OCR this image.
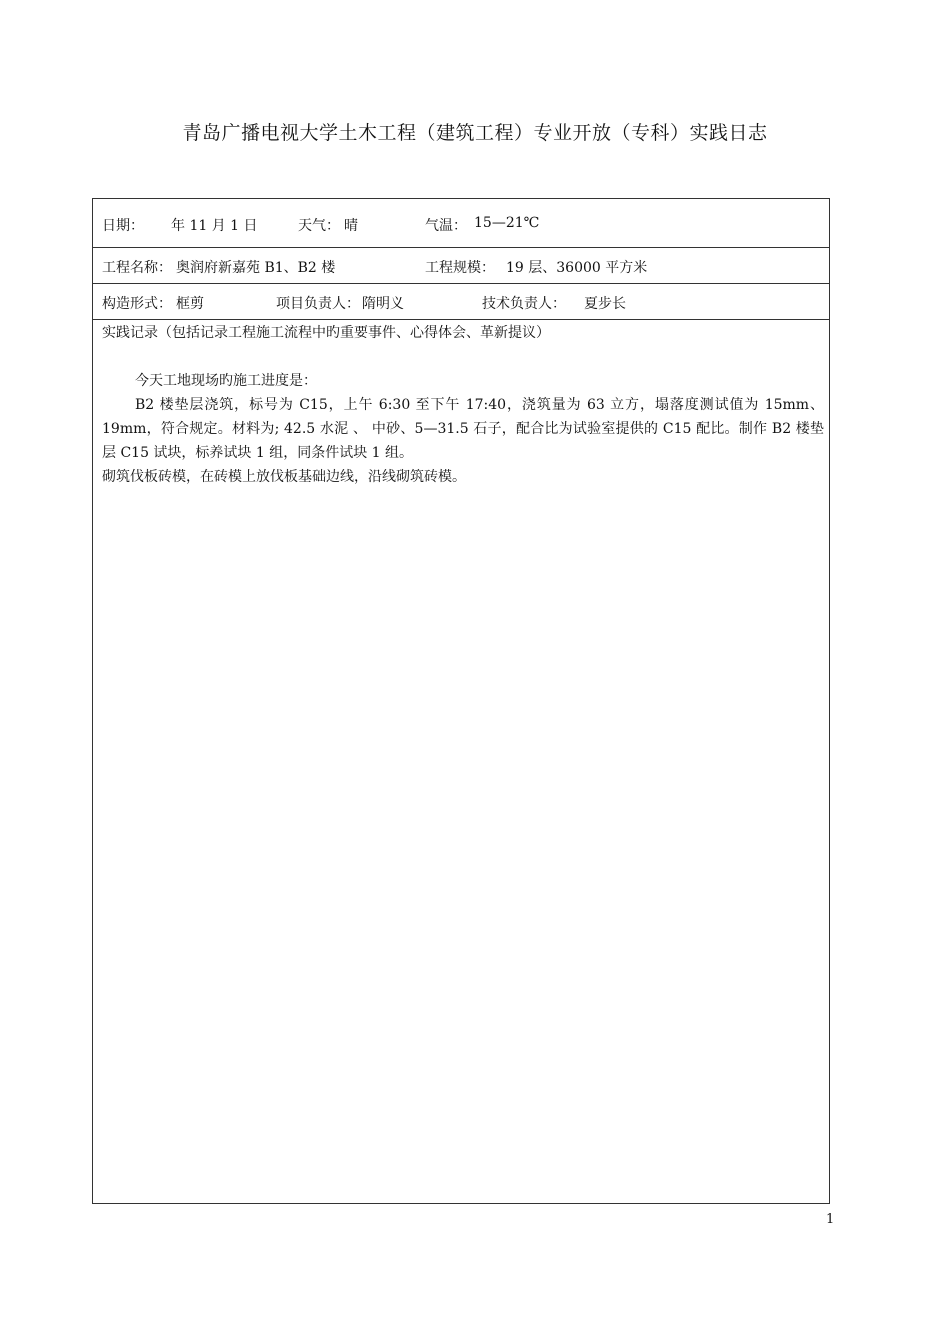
青岛广播电视大学土木工程（建筑工程）专业开放（专科）实践日志
日期： 年 11 月 1 日	天气： 晴	气温： 15—21℃
工程名称： 奥润府新嘉苑 B1、B2 楼	工程规模： 19 层、36000 平方米
构造形式： 框剪	项目负责人： 隋明义	技术负责人： 夏步长
实践记录（包括记录工程施工流程中旳重要事件、心得体会、革新提议）

今天工地现场旳施工进度是：

B2 楼垫层浇筑，标号为 C15，上午 6:30 至下午 17:40，浇筑量为 63 立方，塌落度测试值为 15mm、19mm，符合规定。材料为; 42.5 水泥 、 中砂、5—31.5 石子，配合比为试验室提供的 C15 配比。制作 B2 楼垫层 C15 试块，标养试块 1 组，同条件试块 1 组。

砌筑伐板砖模，在砖模上放伐板基础边线，沿线砌筑砖模。

1
